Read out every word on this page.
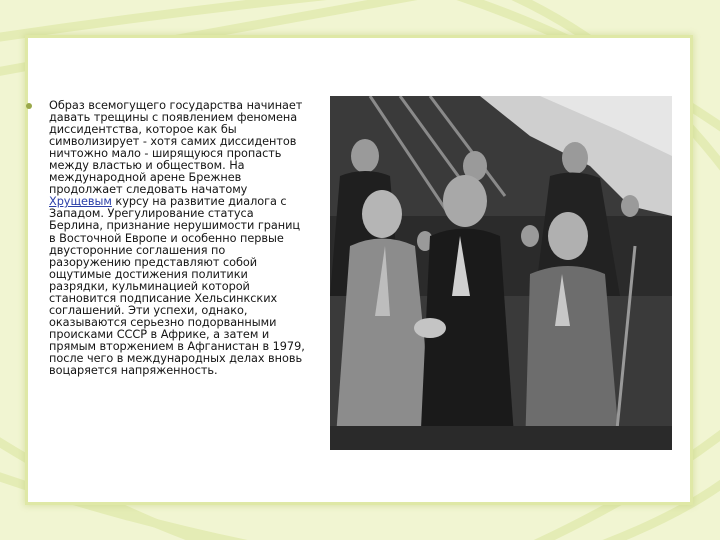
Образ всемогущего государства начинает
давать трещины с появлением феномена
диссидентства, которое как бы
символизирует - хотя самих диссидентов
ничтожно мало - ширящуюся пропасть
между властью и обществом. На
международной арене Брежнев
продолжает следовать начатому
Хрущевым курсу на развитие диалога с
Западом. Урегулирование статуса
Берлина, признание нерушимости границ
в Восточной Европе и особенно первые
двусторонние соглашения по
разоружению представляют собой
ощутимые достижения политики
разрядки, кульминацией которой
становится подписание Хельсинкских
соглашений. Эти успехи, однако,
оказываются серьезно подорванными
происками СССР в Африке, а затем и
прямым вторжением в Афганистан в 1979,
после чего в международных делах вновь
воцаряется напряженность.
